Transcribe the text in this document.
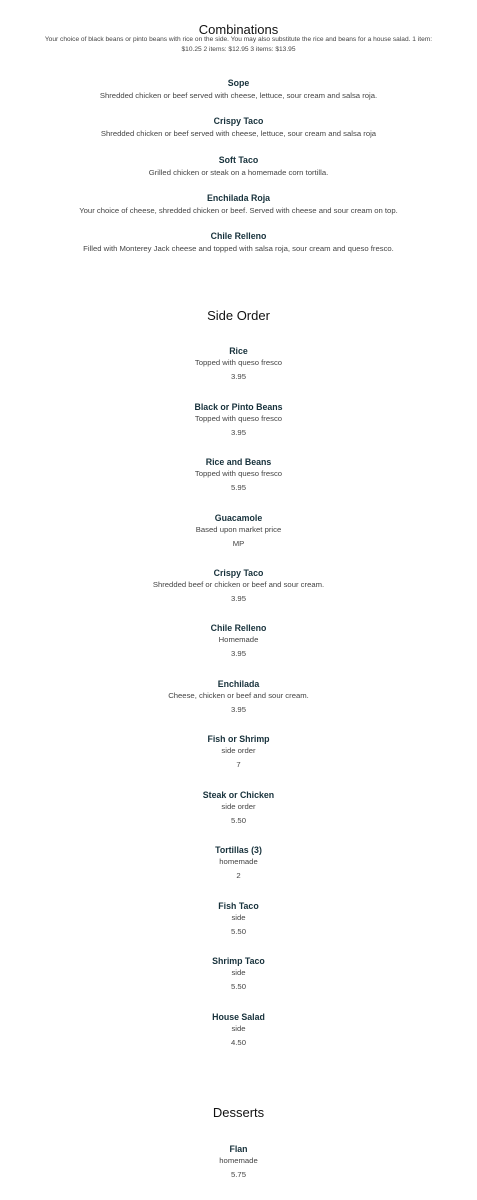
Combinations
Your choice of black beans or pinto beans with rice on the side. You may also substitute the rice and beans for a house salad. 1 item: $10.25 2 items: $12.95 3 items: $13.95
Sope
Shredded chicken or beef served with cheese, lettuce, sour cream and salsa roja.
Crispy Taco
Shredded chicken or beef served with cheese, lettuce, sour cream and salsa roja
Soft Taco
Grilled chicken or steak on a homemade corn tortilla.
Enchilada Roja
Your choice of cheese, shredded chicken or beef. Served with cheese and sour cream on top.
Chile Relleno
Filled with Monterey Jack cheese and topped with salsa roja, sour cream and queso fresco.
Side Order
Rice
Topped with queso fresco
3.95
Black or Pinto Beans
Topped with queso fresco
3.95
Rice and Beans
Topped with queso fresco
5.95
Guacamole
Based upon market price
MP
Crispy Taco
Shredded beef or chicken or beef and sour cream.
3.95
Chile Relleno
Homemade
3.95
Enchilada
Cheese, chicken or beef and sour cream.
3.95
Fish or Shrimp
side order
7
Steak or Chicken
side order
5.50
Tortillas (3)
homemade
2
Fish Taco
side
5.50
Shrimp Taco
side
5.50
House Salad
side
4.50
Desserts
Flan
homemade
5.75
